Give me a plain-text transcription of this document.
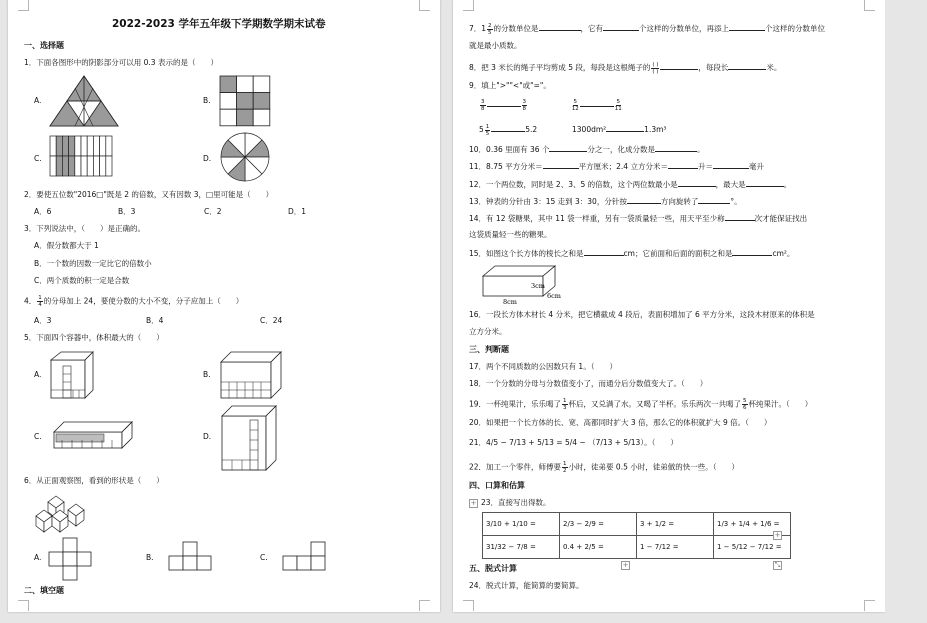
2022-2023 学年五年级下学期数学期末试卷
一、选择题
1．下面各图形中的阴影部分可以用 0.3 表示的是（　　）
A.	B.
C.	D.
2．要使五位数"2016□"既是 2 的倍数，又有因数 3，□里可能是（　　）
A．6	B．3	C．2	D．1
3．下列说法中，（　　）是正确的。
A．假分数都大于 1
B．一个数的因数一定比它的倍数小
C．两个质数的积一定是合数
4． $\frac{1}{4}$ 的分母加上 24，要使分数的大小不变，分子应加上（　　）
A．3	B．4	C．24
5．下面四个容器中，体积最大的（　　）
A.	B.
C.	D.
6．从正面观察图，看到的形状是（　　）
A.	B.	C.
二、填空题
7．$1 \frac{2}{5}$ 的分数单位是	，它有	个这样的分数单位，再添上	个这样的分数单位
就是最小质数。
8．把 3 米长的绳子平均剪成 5 段，每段是这根绳子的 ( )
( )	，每段长	米。
9．填上">""<"或"="。
$\frac{3}{8}$	$\frac{3}{8}$
	$\frac{5}{12}$	$\frac{5}{11}$
$5 \frac{1}{5}$	5.2	1300dm²	1.3m³
10．0.36 里面有 36 个	分之一，化成分数是	。
11．8.75 平方分米＝	平方厘米；2.4 立方分米＝	升＝	毫升
12．一个两位数，同时是 2、3、5 的倍数，这个两位数最小是	，最大是	。
13．钟表的分针由 3：15 走到 3：30，分针按	方向旋转了	°。
14．有 12 袋糖果，其中 11 袋一样重，另有一袋质量轻一些，用天平至少称	次才能保证找出
这袋质量轻一些的糖果。
15．如图这个长方体的棱长之和是	cm；它前面和后面的面积之和是	cm²。
3cm
6cm
8cm
16．一段长方体木材长 4 分米，把它横截成 4 段后，表面积增加了 6 平方分米，这段木材原来的体积是
立方分米。
三、判断题
17．两个不同质数的公因数只有 1。（　　）
18．一个分数的分母与分数值变小了，而通分后分数值变大了。（　　）
19．一杯纯果汁，乐乐喝了 $\frac{1}{3}$ 杯后，又兑满了水。又喝了半杯。乐乐两次一共喝了 $\frac{5}{6}$ 杯纯果汁。（　　）
20．如果把一个长方体的长、宽、高都同时扩大 3 倍，那么它的体积就扩大 9 倍。（　　）
21．4/5 − 7/13 + 5/13 = 5/4 − （7/13 + 5/13）。（　　）
22．加工一个零件，师傅要 $\frac{1}{2}$ 小时，徒弟要 0.5 小时，徒弟做的快一些。（　　）
四、口算和估算
+ 23．直接写出得数。
3/10 + 1/10 =	2/3 − 2/9 =	3 + 1/2 =	1/3 + 1/4 + 1/6 =
31/32 − 7/8 =	0.4 + 2/5 =	1 − 7/12 =	1 − 5/12 − 7/12 =
+
+	⤡
五、脱式计算
24．脱式计算，能简算的要简算。
